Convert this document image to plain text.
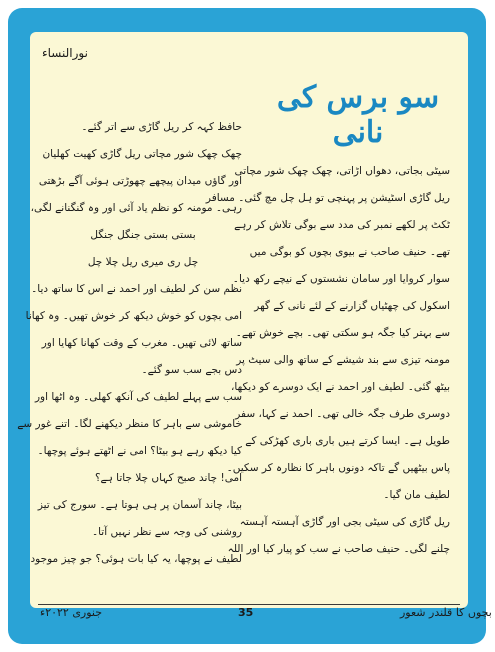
نورالنساء
سو برس کی نانی

سیٹی بجاتی، دھواں اڑاتی، چھک چھک شور مچاتی

ریل گاڑی اسٹیشن پر پہنچی تو ہل چل مچ گئی۔ مسافر

ٹکٹ پر لکھے نمبر کی مدد سے بوگی تلاش کر رہے

تھے۔ حنیف صاحب نے بیوی بچوں کو بوگی میں

سوار کروایا اور سامان نشستوں کے نیچے رکھ دیا۔

اسکول کی چھٹیاں گزارنے کے لئے نانی کے گھر

سے بہتر کیا جگہ ہو سکتی تھی۔ بچے خوش تھے۔

مومنہ تیزی سے بند شیشے کے ساتھ والی سیٹ پر

بیٹھ گئی۔ لطیف اور احمد نے ایک دوسرے کو دیکھا،

دوسری طرف جگہ خالی تھی۔ احمد نے کہا، سفر

طویل ہے۔ ایسا کرتے ہیں باری باری کھڑکی کے

پاس بیٹھیں گے تاکہ دونوں باہر کا نظارہ کر سکیں۔

لطیف مان گیا۔

ریل گاڑی کی سیٹی بجی اور گاڑی آہستہ آہستہ

چلنے لگی۔ حنیف صاحب نے سب کو پیار کیا اور اللہ

حافظ کہہ کر ریل گاڑی سے اتر گئے۔

چھک چھک شور مچاتی ریل گاڑی کھیت کھلیان

اور گاؤں میدان پیچھے چھوڑتی ہوئی آگے بڑھتی

رہی۔ مومنہ کو نظم یاد آئی اور وہ گنگنانے لگی،

بستی بستی جنگل جنگل

چل ری میری ریل چلا چل

نظم سن کر لطیف اور احمد نے اس کا ساتھ دیا۔

امی بچوں کو خوش دیکھ کر خوش تھیں۔ وہ کھانا

ساتھ لائی تھیں۔ مغرب کے وقت کھانا کھایا اور

دس بجے سب سو گئے۔

سب سے پہلے لطیف کی آنکھ کھلی۔ وہ اٹھا اور

خاموشی سے باہر کا منظر دیکھنے لگا۔ اتنے غور سے

کیا دیکھ رہے ہو بیٹا؟ امی نے اٹھتے ہوئے پوچھا۔

امی! چاند صبح کہاں چلا جاتا ہے؟

بیٹا، چاند آسمان پر ہی ہوتا ہے۔ سورج کی تیز

روشنی کی وجہ سے نظر نہیں آتا۔

لطیف نے پوچھا، یہ کیا بات ہوئی؟ جو چیز موجود

جنوری ۲۰۲۲ء	35	بچوں کا قلندر شعور
